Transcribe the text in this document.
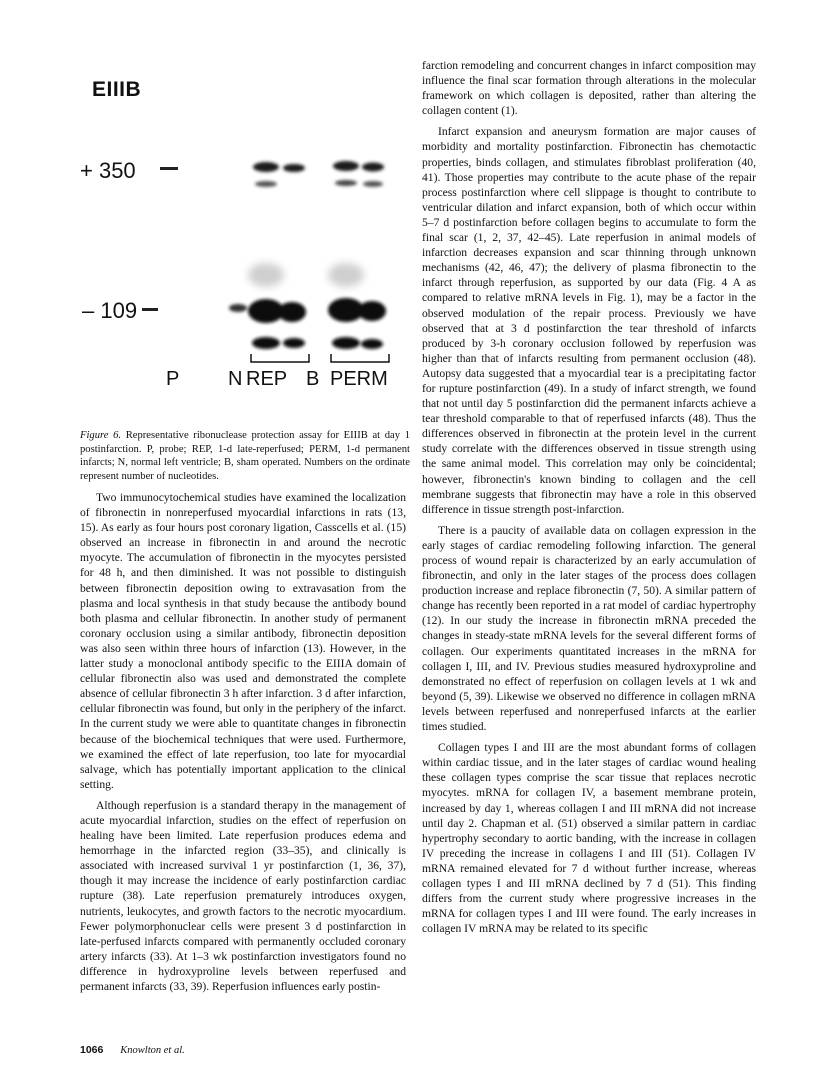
EIIIB
+ 350
– 109
P N REP B PERM
Figure 6. Representative ribonuclease protection assay for EIIIB at day 1 postinfarction. P, probe; REP, 1-d late-reperfused; PERM, 1-d permanent infarcts; N, normal left ventricle; B, sham operated. Numbers on the ordinate represent number of nucleotides.

Two immunocytochemical studies have examined the localization of fibronectin in nonreperfused myocardial infarctions in rats (13, 15). As early as four hours post coronary ligation, Casscells et al. (15) observed an increase in fibronectin in and around the necrotic myocyte. The accumulation of fibronectin in the myocytes persisted for 48 h, and then diminished. It was not possible to distinguish between fibronectin deposition owing to extravasation from the plasma and local synthesis in that study because the antibody bound both plasma and cellular fibronectin. In another study of permanent coronary occlusion using a similar antibody, fibronectin deposition was also seen within three hours of infarction (13). However, in the latter study a monoclonal antibody specific to the EIIIA domain of cellular fibronectin also was used and demonstrated the complete absence of cellular fibronectin 3 h after infarction. 3 d after infarction, cellular fibronectin was found, but only in the periphery of the infarct. In the current study we were able to quantitate changes in fibronectin because of the biochemical techniques that were used. Furthermore, we examined the effect of late reperfusion, too late for myocardial salvage, which has potentially important application to the clinical setting.

Although reperfusion is a standard therapy in the management of acute myocardial infarction, studies on the effect of reperfusion on healing have been limited. Late reperfusion produces edema and hemorrhage in the infarcted region (33–35), and clinically is associated with increased survival 1 yr postinfarction (1, 36, 37), though it may increase the incidence of early postinfarction cardiac rupture (38). Late reperfusion prematurely introduces oxygen, nutrients, leukocytes, and growth factors to the necrotic myocardium. Fewer polymorphonuclear cells were present 3 d postinfarction in late-perfused infarcts compared with permanently occluded coronary artery infarcts (33). At 1–3 wk postinfarction investigators found no difference in hydroxyproline levels between reperfused and permanent infarcts (33, 39). Reperfusion influences early postin-

farction remodeling and concurrent changes in infarct composition may influence the final scar formation through alterations in the molecular framework on which collagen is deposited, rather than altering the collagen content (1).

Infarct expansion and aneurysm formation are major causes of morbidity and mortality postinfarction. Fibronectin has chemotactic properties, binds collagen, and stimulates fibroblast proliferation (40, 41). Those properties may contribute to the acute phase of the repair process postinfarction where cell slippage is thought to contribute to ventricular dilation and infarct expansion, both of which occur within 5–7 d postinfarction before collagen begins to accumulate to form the final scar (1, 2, 37, 42–45). Late reperfusion in animal models of infarction decreases expansion and scar thinning through unknown mechanisms (42, 46, 47); the delivery of plasma fibronectin to the infarct through reperfusion, as supported by our data (Fig. 4 A as compared to relative mRNA levels in Fig. 1), may be a factor in the observed modulation of the repair process. Previously we have observed that at 3 d postinfarction the tear threshold of infarcts produced by 3-h coronary occlusion followed by reperfusion was higher than that of infarcts resulting from permanent occlusion (48). Autopsy data suggested that a myocardial tear is a precipitating factor for rupture postinfarction (49). In a study of infarct strength, we found that not until day 5 postinfarction did the permanent infarcts achieve a tear threshold comparable to that of reperfused infarcts (48). Thus the differences observed in fibronectin at the protein level in the current study correlate with the differences observed in tissue strength using the same animal model. This correlation may only be coincidental; however, fibronectin's known binding to collagen and the cell membrane suggests that fibronectin may have a role in this observed difference in tissue strength post-infarction.

There is a paucity of available data on collagen expression in the early stages of cardiac remodeling following infarction. The general process of wound repair is characterized by an early accumulation of fibronectin, and only in the later stages of the process does collagen production increase and replace fibronectin (7, 50). A similar pattern of change has recently been reported in a rat model of cardiac hypertrophy (12). In our study the increase in fibronectin mRNA preceded the changes in steady-state mRNA levels for the several different forms of collagen. Our experiments quantitated increases in the mRNA for collagen I, III, and IV. Previous studies measured hydroxyproline and demonstrated no effect of reperfusion on collagen levels at 1 wk and beyond (5, 39). Likewise we observed no difference in collagen mRNA levels between reperfused and nonreperfused infarcts at the earlier times studied.

Collagen types I and III are the most abundant forms of collagen within cardiac tissue, and in the later stages of cardiac wound healing these collagen types comprise the scar tissue that replaces necrotic myocytes. mRNA for collagen IV, a basement membrane protein, increased by day 1, whereas collagen I and III mRNA did not increase until day 2. Chapman et al. (51) observed a similar pattern in cardiac hypertrophy secondary to aortic banding, with the increase in collagen IV preceding the increase in collagens I and III (51). Collagen IV mRNA remained elevated for 7 d without further increase, whereas collagen types I and III mRNA declined by 7 d (51). This finding differs from the current study where progressive increases in the mRNA for collagen types I and III were found. The early increases in collagen IV mRNA may be related to its specific

1066 Knowlton et al.
